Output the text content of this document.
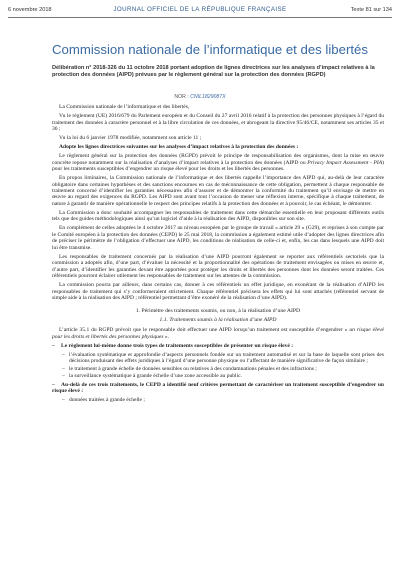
6 novembre 2018	JOURNAL OFFICIEL DE LA RÉPUBLIQUE FRANÇAISE	Texte 81 sur 134
Commission nationale de l’informatique et des libertés
Délibération n° 2018-326 du 11 octobre 2018 portant adoption de lignes directrices sur les analyses d’impact relatives à la protection des données (AIPD) prévues par le règlement général sur la protection des données (RGPD)
NOR : CNIL1829087X

La Commission nationale de l’informatique et des libertés,

Vu le règlement (UE) 2016/679 du Parlement européen et du Conseil du 27 avril 2016 relatif à la protection des personnes physiques à l’égard du traitement des données à caractère personnel et à la libre circulation de ces données, et abrogeant la directive 95/46/CE, notamment ses articles 35 et 36 ;

Vu la loi du 6 janvier 1978 modifiée, notamment son article 11 ;

Adopte les lignes directrices suivantes sur les analyses d’impact relatives à la protection des données :

Le règlement général sur la protection des données (RGPD) prévoit le principe de responsabilisation des organismes, dont la mise en œuvre concrète repose notamment sur la réalisation d’analyses d’impact relatives à la protection des données (AIPD ou Privacy Impact Assessment - PIA) pour les traitements susceptibles d’engendrer un risque élevé pour les droits et les libertés des personnes.

En propos liminaires, la Commission nationale de l’informatique et des libertés rappelle l’importance des AIPD qui, au-delà de leur caractère obligatoire dans certaines hypothèses et des sanctions encourues en cas de méconnaissance de cette obligation, permettent à chaque responsable de traitement concerné d’identifier les garanties nécessaires afin d’assurer et de démontrer la conformité du traitement qu’il envisage de mettre en œuvre au regard des exigences du RGPD. Les AIPD sont avant tout l’occasion de mener une réflexion interne, spécifique à chaque traitement, de nature à garantir de manière opérationnelle le respect des principes relatifs à la protection des données et à pouvoir, le cas échéant, le démontrer.

La Commission a donc souhaité accompagner les responsables de traitement dans cette démarche essentielle en leur proposant différents outils tels que des guides méthodologiques ainsi qu’un logiciel d’aide à la réalisation des AIPD, disponibles sur son site.

En complément de celles adoptées le 4 octobre 2017 au niveau européen par le groupe de travail « article 29 » (G29), et reprises à son compte par le Comité européen à la protection des données (CEPD) le 25 mai 2018, la commission a également estimé utile d’adopter des lignes directrices afin de préciser le périmètre de l’obligation d’effectuer une AIPD, les conditions de réalisation de celle-ci et, enfin, les cas dans lesquels une AIPD doit lui être transmise.

Les responsables de traitement concernés par la réalisation d’une AIPD pourront également se reporter aux référentiels sectoriels que la commission a adoptés afin, d’une part, d’évaluer la nécessité et la proportionnalité des opérations de traitement envisagées ou mises en œuvre et, d’autre part, d’identifier les garanties devant être apportées pour protéger les droits et libertés des personnes dont les données seront traitées. Ces référentiels pourront éclairer utilement les responsables de traitement sur les attentes de la commission.

La commission pourra par ailleurs, dans certains cas, donner à ces référentiels un effet juridique, en exonérant de la réalisation d’AIPD les responsables de traitement qui s’y conformeraient strictement. Chaque référentiel précisera les effets qui lui sont attachés (référentiel servant de simple aide à la réalisation des AIPD ; référentiel permettant d’être exonéré de la réalisation d’une AIPD).

1. Périmètre des traitements soumis, ou non, à la réalisation d’une AIPD
1.1. Traitements soumis à la réalisation d’une AIPD

L’article 35.1 du RGPD prévoit que le responsable doit effectuer une AIPD lorsqu’un traitement est susceptible d’engendrer « un risque élevé pour les droits et libertés des personnes physiques ».

– Le règlement lui-même donne trois types de traitements susceptibles de présenter un risque élevé :

– l’évaluation systématique et approfondie d’aspects personnels fondée sur un traitement automatisé et sur la base de laquelle sont prises des décisions produisant des effets juridiques à l’égard d’une personne physique ou l’affectant de manière significative de façon similaire ;
– le traitement à grande échelle de données sensibles ou relatives à des condamnations pénales et des infractions ;
– la surveillance systématique à grande échelle d’une zone accessible au public.

– Au-delà de ces trois traitements, le CEPD a identifié neuf critères permettant de caractériser un traitement susceptible d’engendrer un risque élevé :

– données traitées à grande échelle ;
